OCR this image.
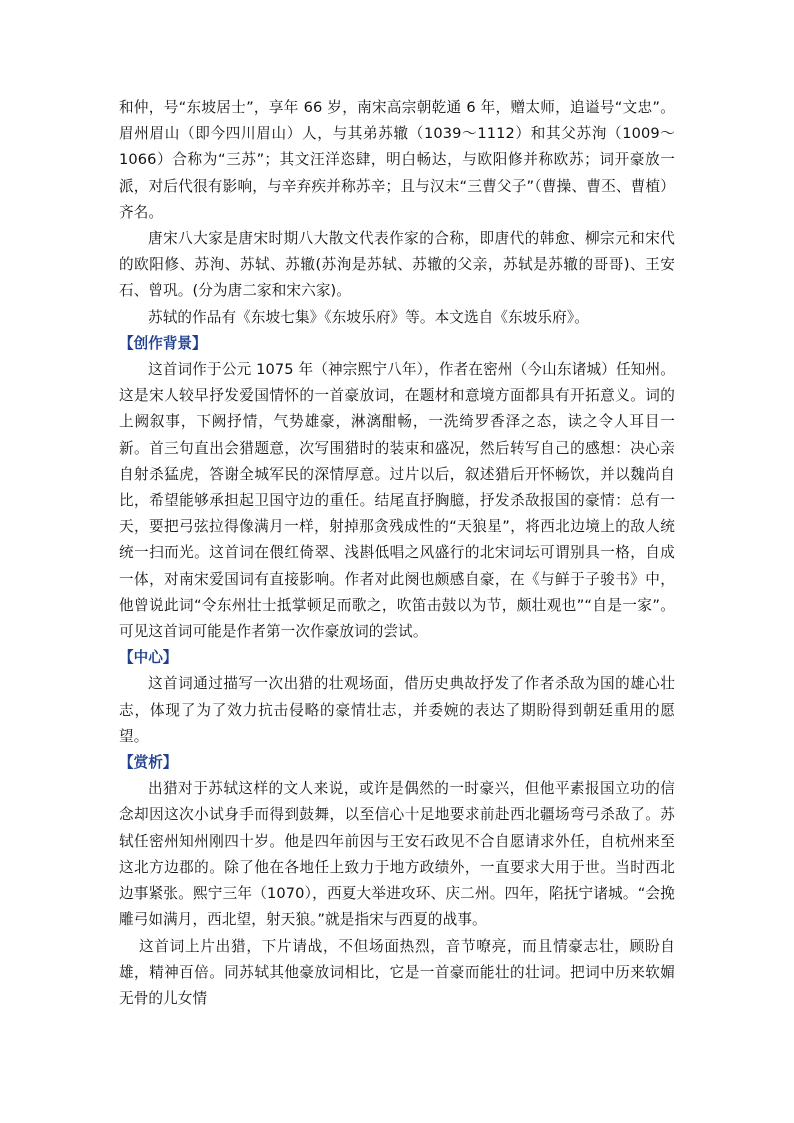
和仲，号“东坡居士”，享年 66 岁，南宋高宗朝乾通 6 年，赠太师，追谥号“文忠”。眉州眉山（即今四川眉山）人，与其弟苏辙（1039～1112）和其父苏洵（1009～1066）合称为“三苏”；其文汪洋恣肆，明白畅达，与欧阳修并称欧苏；词开豪放一派，对后代很有影响，与辛弃疾并称苏辛；且与汉末“三曹父子”（曹操、曹丕、曹植）齐名。

唐宋八大家是唐宋时期八大散文代表作家的合称，即唐代的韩愈、柳宗元和宋代的欧阳修、苏洵、苏轼、苏辙(苏洵是苏轼、苏辙的父亲，苏轼是苏辙的哥哥)、王安石、曾巩。(分为唐二家和宋六家)。

苏轼的作品有《东坡七集》《东坡乐府》等。本文选自《东坡乐府》。

【创作背景】

这首词作于公元 1075 年（神宗熙宁八年），作者在密州（今山东诸城）任知州。这是宋人较早抒发爱国情怀的一首豪放词，在题材和意境方面都具有开拓意义。词的上阙叙事，下阙抒情，气势雄豪，淋漓酣畅，一洗绮罗香泽之态，读之令人耳目一新。首三句直出会猎题意，次写围猎时的装束和盛况，然后转写自己的感想：决心亲自射杀猛虎，答谢全城军民的深情厚意。过片以后，叙述猎后开怀畅饮，并以魏尚自比，希望能够承担起卫国守边的重任。结尾直抒胸臆，抒发杀敌报国的豪情：总有一天，要把弓弦拉得像满月一样，射掉那贪残成性的“天狼星”，将西北边境上的敌人统统一扫而光。这首词在偎红倚翠、浅斟低唱之风盛行的北宋词坛可谓别具一格，自成一体，对南宋爱国词有直接影响。作者对此阕也颇感自豪，在《与鲜于子骏书》中，他曾说此词“令东州壮士抵掌顿足而歌之，吹笛击鼓以为节，颇壮观也”“自是一家”。可见这首词可能是作者第一次作豪放词的尝试。

【中心】

这首词通过描写一次出猎的壮观场面，借历史典故抒发了作者杀敌为国的雄心壮志，体现了为了效力抗击侵略的豪情壮志，并委婉的表达了期盼得到朝廷重用的愿望。

【赏析】

出猎对于苏轼这样的文人来说，或许是偶然的一时豪兴，但他平素报国立功的信念却因这次小试身手而得到鼓舞，以至信心十足地要求前赴西北疆场弯弓杀敌了。苏轼任密州知州刚四十岁。他是四年前因与王安石政见不合自愿请求外任，自杭州来至这北方边郡的。除了他在各地任上致力于地方政绩外，一直要求大用于世。当时西北边事紧张。熙宁三年（1070），西夏大举进攻环、庆二州。四年，陷抚宁诸城。“会挽雕弓如满月，西北望，射天狼。”就是指宋与西夏的战事。

这首词上片出猎，下片请战，不但场面热烈，音节嘹亮，而且情豪志壮，顾盼自雄，精神百倍。同苏轼其他豪放词相比，它是一首豪而能壮的壮词。把词中历来软媚无骨的儿女情
